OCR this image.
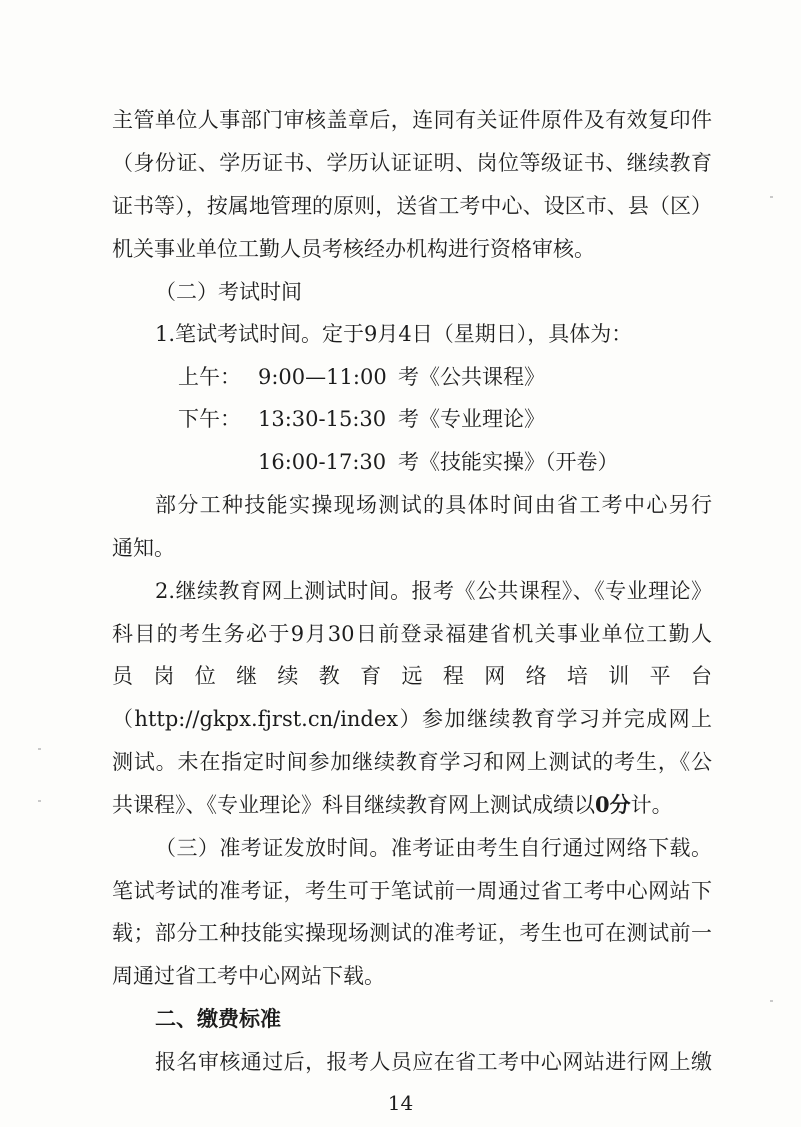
主管单位人事部门审核盖章后，连同有关证件原件及有效复印件
（身份证、学历证书、学历认证证明、岗位等级证书、继续教育
证书等），按属地管理的原则，送省工考中心、设区市、县（区）
机关事业单位工勤人员考核经办机构进行资格审核。
（二）考试时间
1.笔试考试时间。定于9月4日（星期日），具体为：
上午： 9:00—11:00 考《公共课程》
下午： 13:30-15:30 考《专业理论》
16:00-17:30 考《技能实操》（开卷）
部分工种技能实操现场测试的具体时间由省工考中心另行
通知。
2.继续教育网上测试时间。报考《公共课程》、《专业理论》
科目的考生务必于9月30日前登录福建省机关事业单位工勤人
员岗位继续教育远程网络培训平台
（http://gkpx.fjrst.cn/index）参加继续教育学习并完成网上
测试。未在指定时间参加继续教育学习和网上测试的考生，《公
共课程》、《专业理论》科目继续教育网上测试成绩以0分计。
（三）准考证发放时间。准考证由考生自行通过网络下载。
笔试考试的准考证，考生可于笔试前一周通过省工考中心网站下
载；部分工种技能实操现场测试的准考证，考生也可在测试前一
周通过省工考中心网站下载。
二、缴费标准
报名审核通过后，报考人员应在省工考中心网站进行网上缴
14
